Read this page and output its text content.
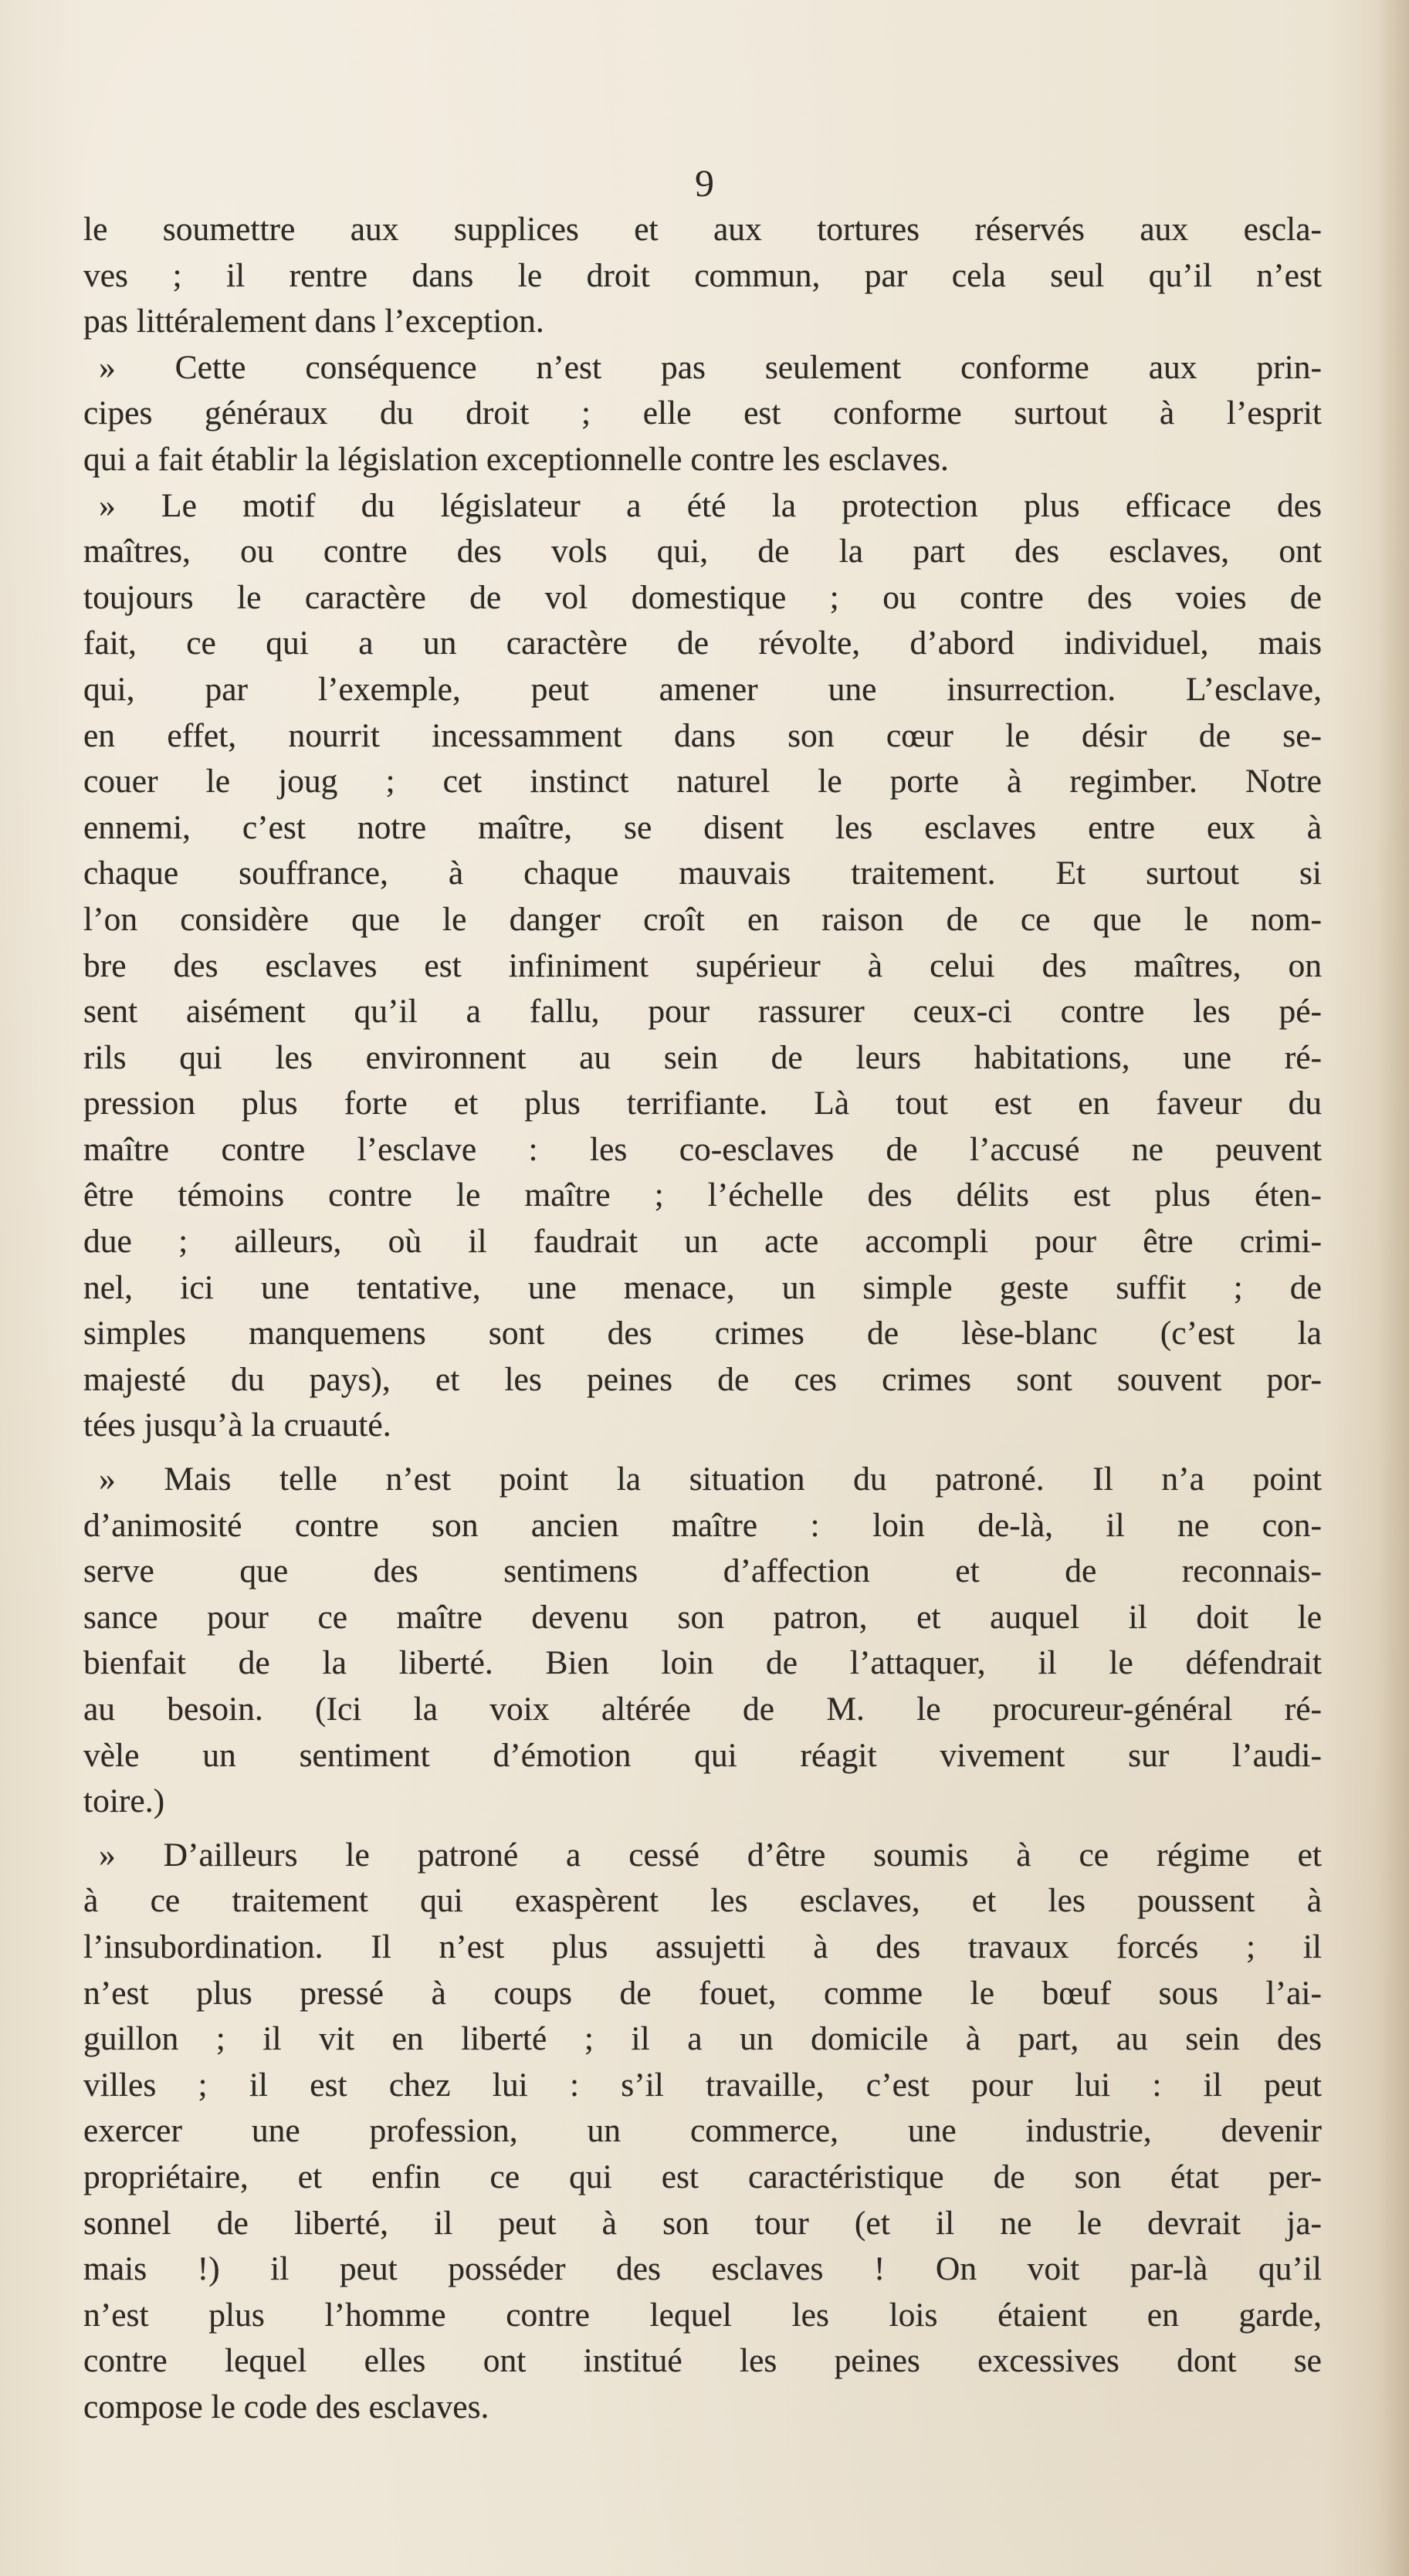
9
le soumettre aux supplices et aux tortures réservés aux escla-
ves ; il rentre dans le droit commun, par cela seul qu’il n’est
pas littéralement dans l’exception.
» Cette conséquence n’est pas seulement conforme aux prin-
cipes généraux du droit ; elle est conforme surtout à l’esprit
qui a fait établir la législation exceptionnelle contre les esclaves.
» Le motif du législateur a été la protection plus efficace des
maîtres, ou contre des vols qui, de la part des esclaves, ont
toujours le caractère de vol domestique ; ou contre des voies de
fait, ce qui a un caractère de révolte, d’abord individuel, mais
qui, par l’exemple, peut amener une insurrection. L’esclave,
en effet, nourrit incessamment dans son cœur le désir de se-
couer le joug ; cet instinct naturel le porte à regimber. Notre
ennemi, c’est notre maître, se disent les esclaves entre eux à
chaque souffrance, à chaque mauvais traitement. Et surtout si
l’on considère que le danger croît en raison de ce que le nom-
bre des esclaves est infiniment supérieur à celui des maîtres, on
sent aisément qu’il a fallu, pour rassurer ceux-ci contre les pé-
rils qui les environnent au sein de leurs habitations, une ré-
pression plus forte et plus terrifiante. Là tout est en faveur du
maître contre l’esclave : les co-esclaves de l’accusé ne peuvent
être témoins contre le maître ; l’échelle des délits est plus éten-
due ; ailleurs, où il faudrait un acte accompli pour être crimi-
nel, ici une tentative, une menace, un simple geste suffit ; de
simples manquemens sont des crimes de lèse-blanc (c’est la
majesté du pays), et les peines de ces crimes sont souvent por-
tées jusqu’à la cruauté.
» Mais telle n’est point la situation du patroné. Il n’a point
d’animosité contre son ancien maître : loin de-là, il ne con-
serve que des sentimens d’affection et de reconnais-
sance pour ce maître devenu son patron, et auquel il doit le
bienfait de la liberté. Bien loin de l’attaquer, il le défendrait
au besoin. (Ici la voix altérée de M. le procureur-général ré-
vèle un sentiment d’émotion qui réagit vivement sur l’audi-
toire.)
» D’ailleurs le patroné a cessé d’être soumis à ce régime et
à ce traitement qui exaspèrent les esclaves, et les poussent à
l’insubordination. Il n’est plus assujetti à des travaux forcés ; il
n’est plus pressé à coups de fouet, comme le bœuf sous l’ai-
guillon ; il vit en liberté ; il a un domicile à part, au sein des
villes ; il est chez lui : s’il travaille, c’est pour lui : il peut
exercer une profession, un commerce, une industrie, devenir
propriétaire, et enfin ce qui est caractéristique de son état per-
sonnel de liberté, il peut à son tour (et il ne le devrait ja-
mais !) il peut posséder des esclaves ! On voit par-là qu’il
n’est plus l’homme contre lequel les lois étaient en garde,
contre lequel elles ont institué les peines excessives dont se
compose le code des esclaves.
